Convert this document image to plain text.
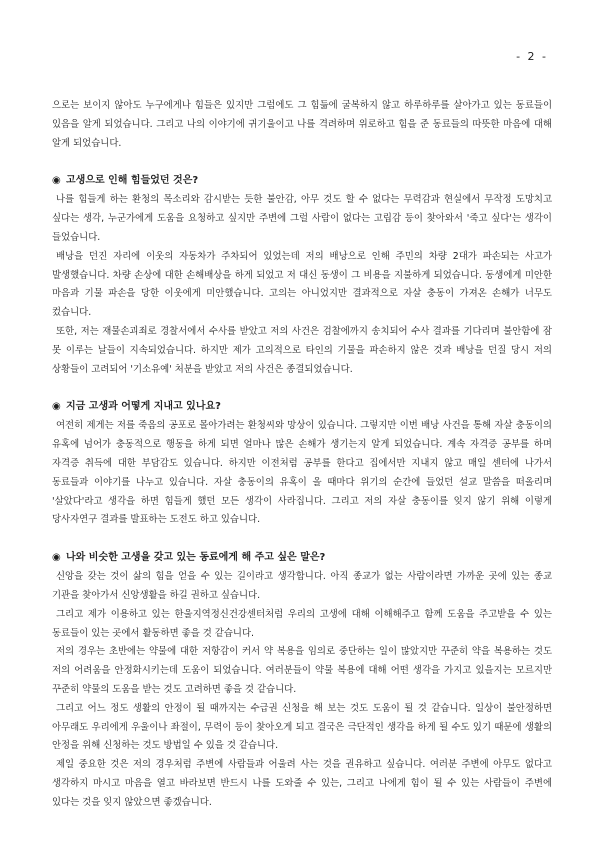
- 2 -

으로는 보이지 않아도 누구에게나 힘들은 있지만 그럼에도 그 힘듦에 굴복하지 않고 하루하루를 살아가고 있는 동료들이 있음을 알게 되었습니다. 그리고 나의 이야기에 귀기울이고 나를 격려하며 위로하고 힘을 준 동료들의 따뜻한 마음에 대해 알게 되었습니다.

◉ 고생으로 인해 힘들었던 것은?

나를 힘들게 하는 환청의 목소리와 감시받는 듯한 불안감, 아무 것도 할 수 없다는 무력감과 현실에서 무작정 도망치고 싶다는 생각, 누군가에게 도움을 요청하고 싶지만 주변에 그럴 사람이 없다는 고립감 등이 찾아와서 '죽고 싶다'는 생각이 들었습니다.

배낭을 던진 자리에 이웃의 자동차가 주차되어 있었는데 저의 배낭으로 인해 주민의 차량 2대가 파손되는 사고가 발생했습니다. 차량 손상에 대한 손해배상을 하게 되었고 저 대신 동생이 그 비용을 지불하게 되었습니다. 동생에게 미안한 마음과 기물 파손을 당한 이웃에게 미안했습니다. 고의는 아니었지만 결과적으로 자살 충동이 가져온 손해가 너무도 컸습니다.

또한, 저는 재물손괴죄로 경찰서에서 수사를 받았고 저의 사건은 검찰에까지 송치되어 수사 결과를 기다리며 불안함에 잠 못 이루는 날들이 지속되었습니다. 하지만 제가 고의적으로 타인의 기물을 파손하지 않은 것과 배낭을 던질 당시 저의 상황들이 고려되어 '기소유예' 처분을 받았고 저의 사건은 종결되었습니다.

◉ 지금 고생과 어떻게 지내고 있나요?

여전히 제게는 저를 죽음의 공포로 몰아가려는 환청씨와 망상이 있습니다. 그렇지만 이번 배낭 사건을 통해 자살 충동이의 유혹에 넘어가 충동적으로 행동을 하게 되면 얼마나 많은 손해가 생기는지 알게 되었습니다. 계속 자격증 공부를 하며 자격증 취득에 대한 부담감도 있습니다. 하지만 이전처럼 공부를 한다고 집에서만 지내지 않고 매일 센터에 나가서 동료들과 이야기를 나누고 있습니다. 자살 충동이의 유혹이 올 때마다 위기의 순간에 들었던 설교 말씀을 떠올리며 '살았다'라고 생각을 하면 힘들게 했던 모든 생각이 사라집니다. 그리고 저의 자살 충동이를 잊지 않기 위해 이렇게 당사자연구 결과를 발표하는 도전도 하고 있습니다.

◉ 나와 비슷한 고생을 갖고 있는 동료에게 해 주고 싶은 말은?

신앙을 갖는 것이 삶의 힘을 얻을 수 있는 길이라고 생각합니다. 아직 종교가 없는 사람이라면 가까운 곳에 있는 종교 기관을 찾아가서 신앙생활을 하길 권하고 싶습니다.

그리고 제가 이용하고 있는 한울지역정신건강센터처럼 우리의 고생에 대해 이해해주고 함께 도움을 주고받을 수 있는 동료들이 있는 곳에서 활동하면 좋을 것 같습니다.

저의 경우는 초반에는 약물에 대한 저항감이 커서 약 복용을 임의로 중단하는 일이 많았지만 꾸준히 약을 복용하는 것도 저의 어려움을 안정화시키는데 도움이 되었습니다. 여러분들이 약물 복용에 대해 어떤 생각을 가지고 있을지는 모르지만 꾸준히 약물의 도움을 받는 것도 고려하면 좋을 것 같습니다.

그리고 어느 정도 생활의 안정이 될 때까지는 수급권 신청을 해 보는 것도 도움이 될 것 같습니다. 일상이 불안정하면 아무래도 우리에게 우울이나 좌절이, 무력이 등이 찾아오게 되고 결국은 극단적인 생각을 하게 될 수도 있기 때문에 생활의 안정을 위해 신청하는 것도 방법일 수 있을 것 같습니다.

제일 중요한 것은 저의 경우처럼 주변에 사람들과 어울려 사는 것을 권유하고 싶습니다. 여러분 주변에 아무도 없다고 생각하지 마시고 마음을 열고 바라보면 반드시 나를 도와줄 수 있는, 그리고 나에게 힘이 될 수 있는 사람들이 주변에 있다는 것을 잊지 않았으면 좋겠습니다.
